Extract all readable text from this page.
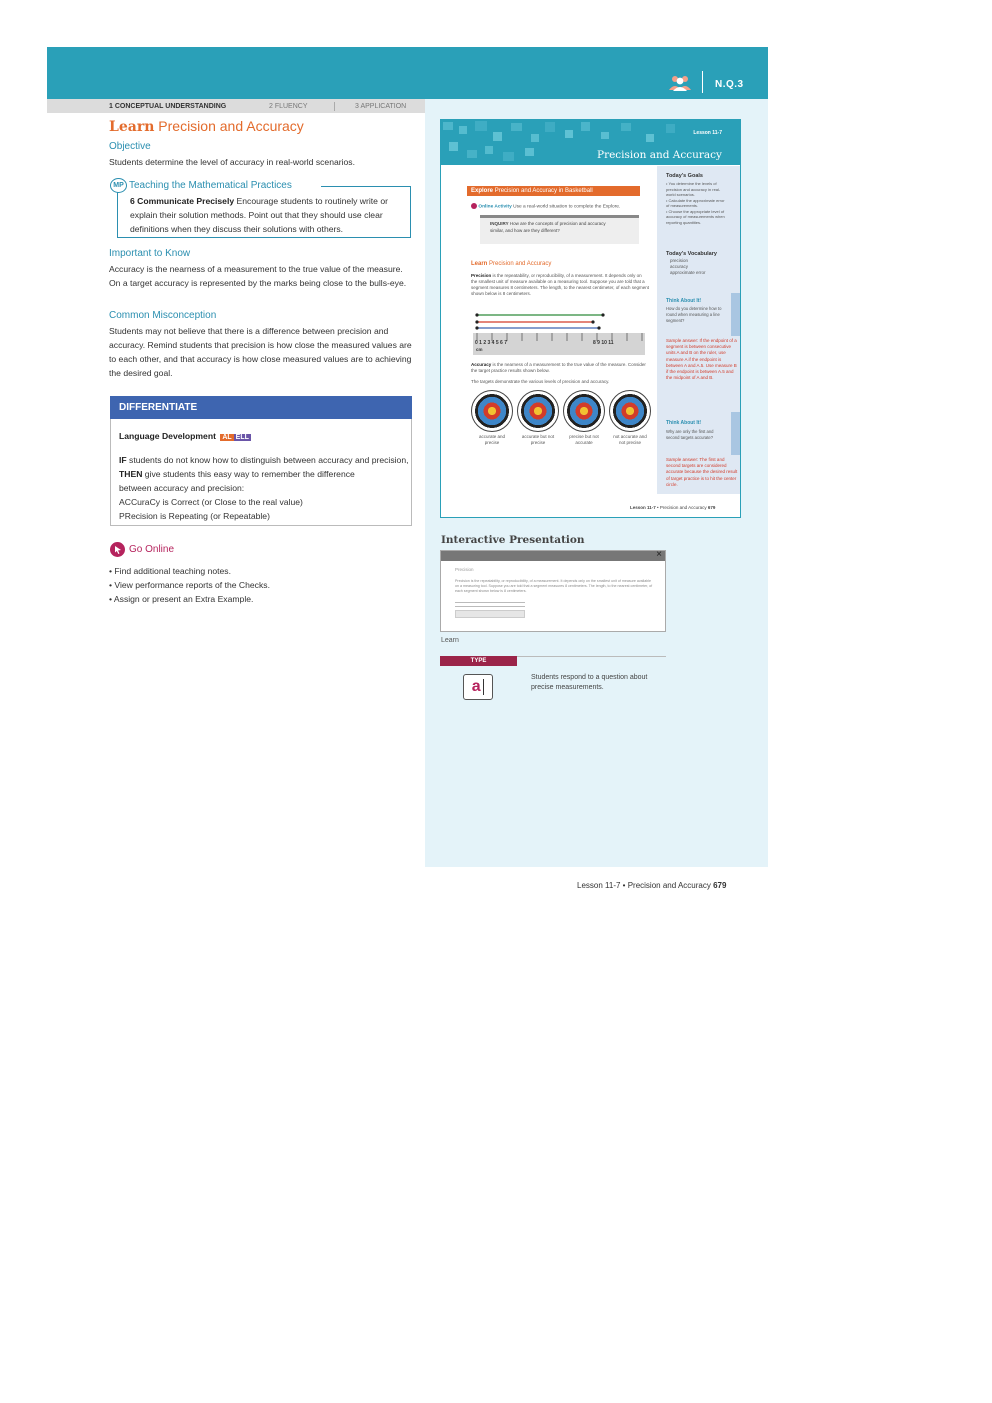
N.Q.3
1 CONCEPTUAL UNDERSTANDING	2 FLUENCY	3 APPLICATION
Learn Precision and Accuracy
Objective
Students determine the level of accuracy in real-world scenarios.
MP Teaching the Mathematical Practices
6 Communicate Precisely Encourage students to routinely write or explain their solution methods. Point out that they should use clear definitions when they discuss their solutions with others.
Important to Know
Accuracy is the nearness of a measurement to the true value of the measure. On a target accuracy is represented by the marks being close to the bulls-eye.
Common Misconception
Students may not believe that there is a difference between precision and accuracy. Remind students that precision is how close the measured values are to each other, and that accuracy is how close measured values are to achieving the desired goal.
DIFFERENTIATE
Language Development AL ELL
IF students do not know how to distinguish between accuracy and precision,
THEN give students this easy way to remember the difference between accuracy and precision:
ACCuraCy is Correct (or Close to the real value)
PRecision is Repeating (or Repeatable)
Go Online
• Find additional teaching notes.
• View performance reports of the Checks.
• Assign or present an Extra Example.
Lesson 11-7
Precision and Accuracy
Explore
Precision and Accuracy in Basketball
Online Activity Use a real-world situation to complete the Explore.
INQUIRY How are the concepts of precision and accuracy similar, and how are they different?
Learn Precision and Accuracy
Precision is the repeatability, or reproducibility, of a measurement. It depends only on the smallest unit of measure available on a measuring tool. Suppose you are told that a segment measures 8 centimeters. The length, to the nearest centimeter, of each segment shown below is 8 centimeters.
0 1 2 3 4 5 6 7	8 9 10 11
cm
Accuracy is the nearness of a measurement to the true value of the measure. Consider the target practice results shown below.
The targets demonstrate the various levels of precision and accuracy.
accurate and precise
accurate but not precise
precise but not accurate
not accurate and not precise
Today's Goals
• You determine the levels of precision and accuracy in real-world scenarios.
• Calculate the approximate error of measurements.
• Choose the appropriate level of accuracy of measurements when reporting quantities.
Today's Vocabulary
precision
accuracy
approximate error
Think About It!
How do you determine how to round when measuring a line segment?
Sample answer: If the endpoint of a segment is between consecutive units A and B on the ruler, use measure A if the endpoint is between A and A.5. Use measure B if the endpoint is between A.5 and the midpoint of A and B.
Think About It!
Why are only the first and second targets accurate?
Sample answer: The first and second targets are considered accurate because the desired result of target practice is to hit the center circle.
Lesson 11-7 • Precision and Accuracy 679
Interactive Presentation
×
Precision
Precision is the repeatability, or reproducibility, of a measurement. It depends only on the smallest unit of measure available on a measuring tool. Suppose you are told that a segment measures 8 centimeters. The length, to the nearest centimeter, of each segment shown below is 8 centimeters.
Learn
TYPE
a
Students respond to a question about precise measurements.
Lesson 11-7 • Precision and Accuracy 679
